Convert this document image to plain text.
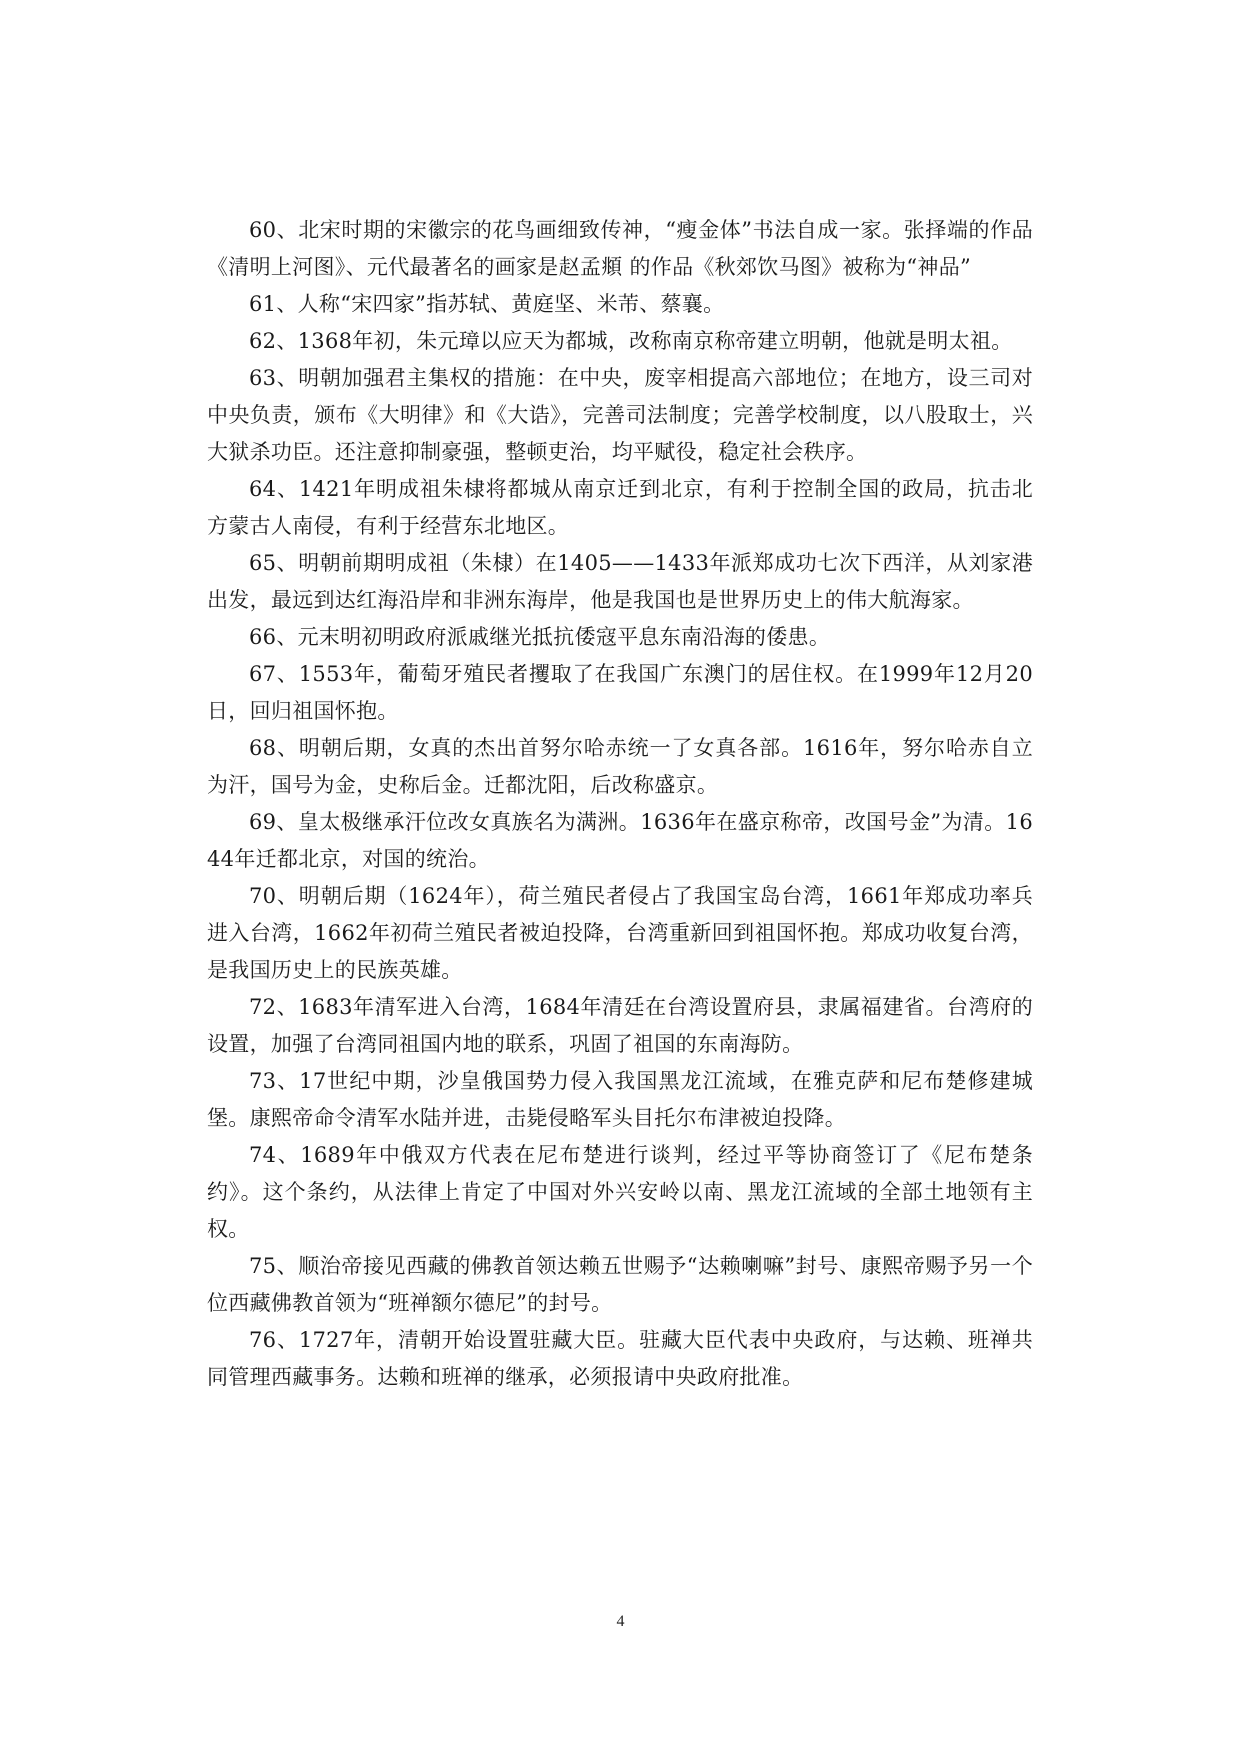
60、北宋时期的宋徽宗的花鸟画细致传神，“瘦金体”书法自成一家。张择端的作品《清明上河图》、元代最著名的画家是赵孟頫 的作品《秋郊饮马图》被称为“神品”

61、人称“宋四家”指苏轼、黄庭坚、米芾、蔡襄。

62、1368年初，朱元璋以应天为都城，改称南京称帝建立明朝，他就是明太祖。

63、明朝加强君主集权的措施：在中央，废宰相提高六部地位；在地方，设三司对中央负责，颁布《大明律》和《大诰》，完善司法制度；完善学校制度，以八股取士，兴大狱杀功臣。还注意抑制豪强，整顿吏治，均平赋役，稳定社会秩序。

64、1421年明成祖朱棣将都城从南京迁到北京，有利于控制全国的政局，抗击北方蒙古人南侵，有利于经营东北地区。

65、明朝前期明成祖（朱棣）在1405——1433年派郑成功七次下西洋，从刘家港出发，最远到达红海沿岸和非洲东海岸，他是我国也是世界历史上的伟大航海家。

66、元末明初明政府派戚继光抵抗倭寇平息东南沿海的倭患。

67、1553年，葡萄牙殖民者攫取了在我国广东澳门的居住权。在1999年12月20日，回归祖国怀抱。

68、明朝后期，女真的杰出首努尔哈赤统一了女真各部。1616年，努尔哈赤自立为汗，国号为金，史称后金。迁都沈阳，后改称盛京。

69、皇太极继承汗位改女真族名为满洲。1636年在盛京称帝，改国号金”为清。1644年迁都北京，对国的统治。

70、明朝后期（1624年），荷兰殖民者侵占了我国宝岛台湾，1661年郑成功率兵进入台湾，1662年初荷兰殖民者被迫投降，台湾重新回到祖国怀抱。郑成功收复台湾，是我国历史上的民族英雄。

72、1683年清军进入台湾，1684年清廷在台湾设置府县，隶属福建省。台湾府的设置，加强了台湾同祖国内地的联系，巩固了祖国的东南海防。

73、17世纪中期，沙皇俄国势力侵入我国黑龙江流域，在雅克萨和尼布楚修建城堡。康熙帝命令清军水陆并进，击毙侵略军头目托尔布津被迫投降。

74、1689年中俄双方代表在尼布楚进行谈判，经过平等协商签订了《尼布楚条约》。这个条约，从法律上肯定了中国对外兴安岭以南、黑龙江流域的全部土地领有主权。

75、顺治帝接见西藏的佛教首领达赖五世赐予“达赖喇嘛”封号、康熙帝赐予另一个位西藏佛教首领为“班禅额尔德尼”的封号。

76、1727年，清朝开始设置驻藏大臣。驻藏大臣代表中央政府，与达赖、班禅共同管理西藏事务。达赖和班禅的继承，必须报请中央政府批准。

4
